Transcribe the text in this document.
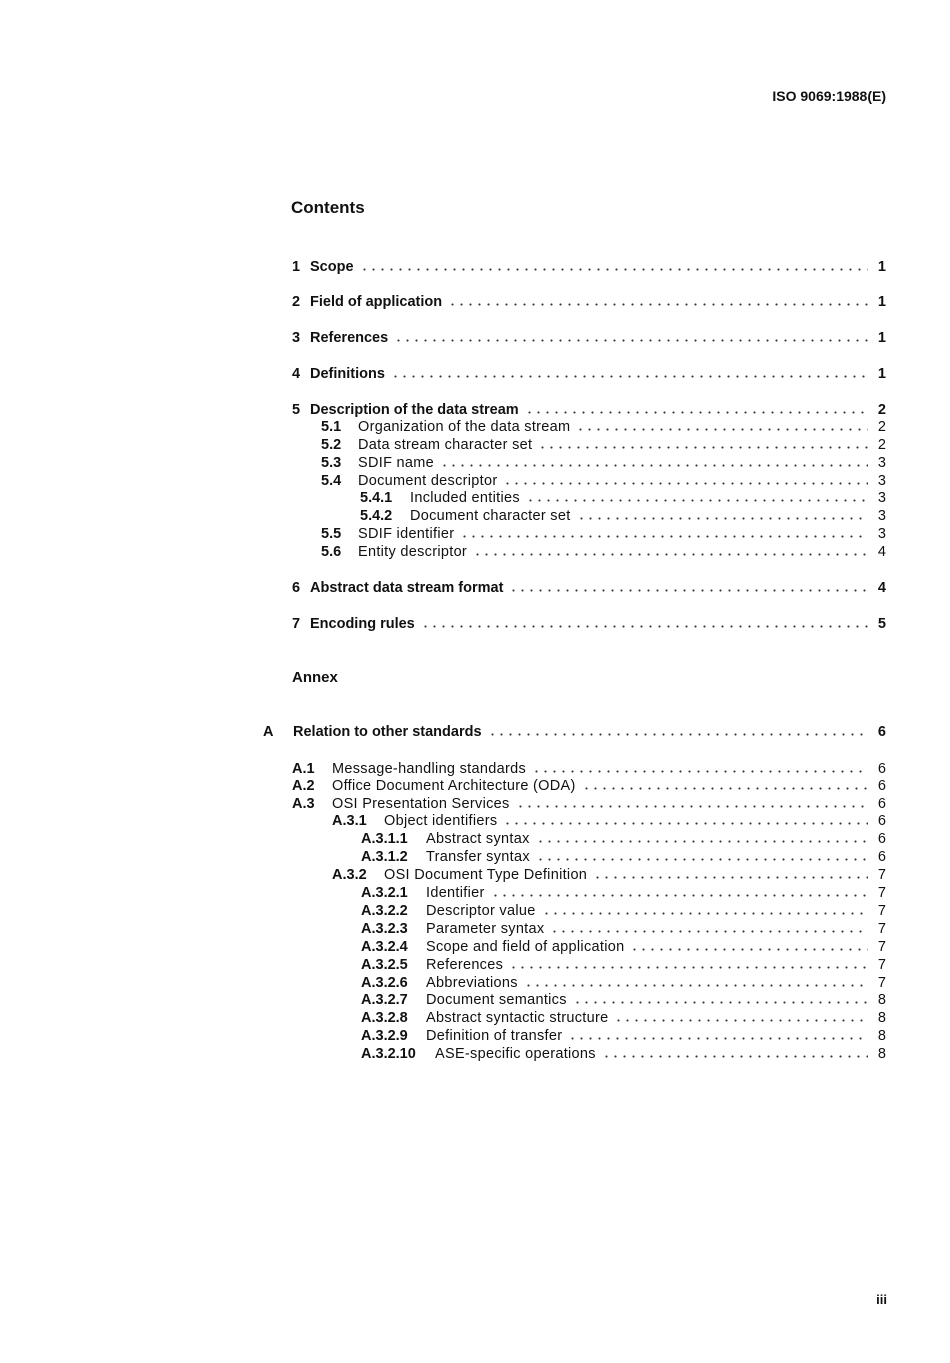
ISO 9069:1988(E)
Contents
1 Scope	1
2 Field of application	1
3 References	1
4 Definitions	1
5 Description of the data stream	2
5.1	Organization of the data stream	2
5.2	Data stream character set	2
5.3	SDIF name	3
5.4	Document descriptor	3
5.4.1	Included entities	3
5.4.2	Document character set	3
5.5	SDIF identifier	3
5.6	Entity descriptor	4
6 Abstract data stream format	4
7 Encoding rules	5
Annex
A	Relation to other standards	6
A.1	Message-handling standards	6
A.2	Office Document Architecture (ODA)	6
A.3	OSI Presentation Services	6
A.3.1	Object identifiers	6
A.3.1.1	Abstract syntax	6
A.3.1.2	Transfer syntax	6
A.3.2	OSI Document Type Definition	7
A.3.2.1	Identifier	7
A.3.2.2	Descriptor value	7
A.3.2.3	Parameter syntax	7
A.3.2.4	Scope and field of application	7
A.3.2.5	References	7
A.3.2.6	Abbreviations	7
A.3.2.7	Document semantics	8
A.3.2.8	Abstract syntactic structure	8
A.3.2.9	Definition of transfer	8
A.3.2.10	ASE-specific operations	8
iii
